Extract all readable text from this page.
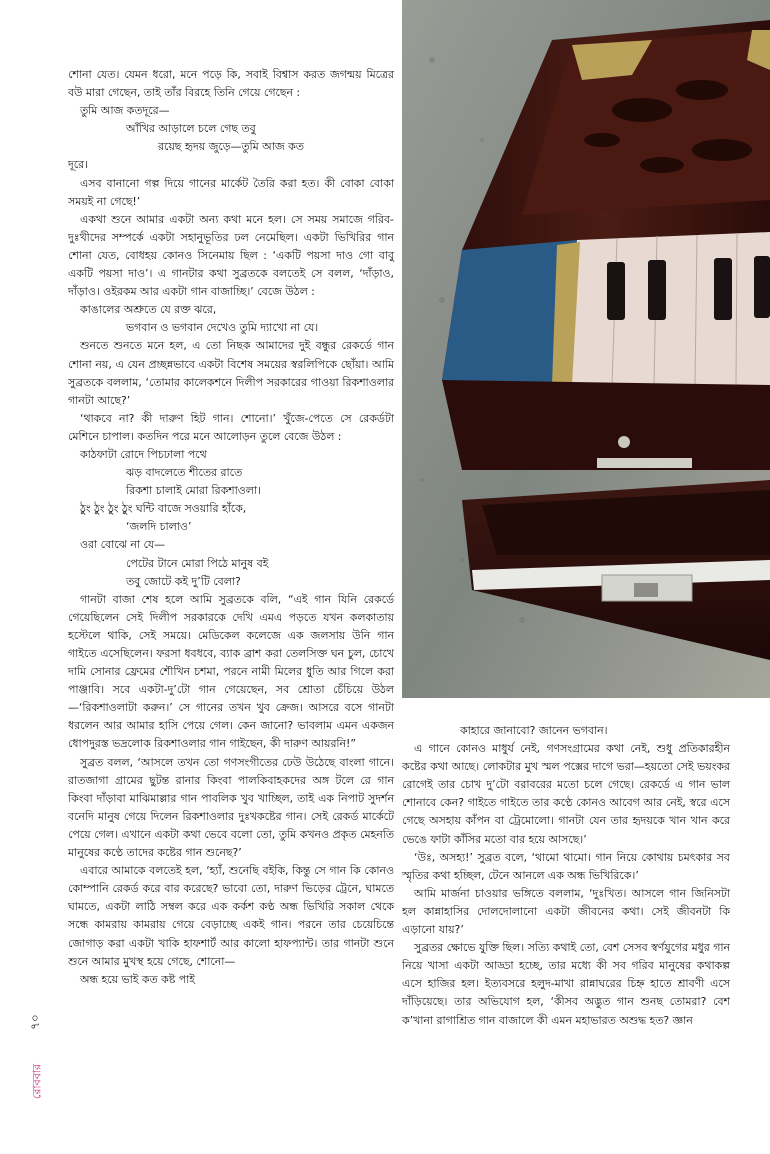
শোনা যেত। যেমন ধরো, মনে পড়ে কি, সবাই বিশ্বাস করত জগন্ময় মিত্রের বউ মারা গেছেন, তাই তাঁর বিরহে তিনি গেয়ে গেছেন :

তুমি আজ কতদূরে—

আঁখির আড়ালে চলে গেছ তবু

রয়েছ হৃদয় জুড়ে—তুমি আজ কত

দূরে।

এসব বানানো গল্প দিয়ে গানের মার্কেট তৈরি করা হত। কী বোকা বোকা সময়ই না গেছে!’

একথা শুনে আমার একটা অন্য কথা মনে হল। সে সময় সমাজে গরিব-দুঃখীদের সম্পর্কে একটা সহানুভূতির ঢল নেমেছিল। একটা ভিখিরির গান শোনা যেত, বোধহয় কোনও সিনেমায় ছিল : ‘একটি পয়সা দাও গো বাবু একটি পয়সা দাও’। এ গানটার কথা সুব্রতকে বলতেই সে বলল, ‘দাঁড়াও, দাঁড়াও। ওইরকম আর একটা গান বাজাচ্ছি।’ বেজে উঠল :

কাঙালের অশ্রুতে যে রক্ত ঝরে,

ভগবান ও ভগবান দেখেও তুমি দ্যাখো না যে।

শুনতে শুনতে মনে হল, এ তো নিছক আমাদের দুই বন্ধুর রেকর্ডে গান শোনা নয়, এ যেন প্রচ্ছন্নভাবে একটা বিশেষ সময়ের স্বরলিপিকে ছোঁয়া। আমি সুব্রতকে বললাম, ‘তোমার কালেকশনে দিলীপ সরকারের গাওয়া রিকশাওলার গানটা আছে?’

‘থাকবে না? কী দারুণ হিট গান। শোনো।’ খুঁজে-পেতে সে রেকর্ডটা মেশিনে চাপাল। কতদিন পরে মনে আলোড়ন তুলে বেজে উঠল :

কাঠফাটা রোদে পিচঢালা পথে

ঝড় বাদলেতে শীতের রাতে

রিকশা চালাই মোরা রিকশাওলা।

ঠুং ঠুং ঠুং ঠুং ঘন্টি বাজে সওয়ারি হাঁকে,

‘জলদি চালাও’

ওরা বোঝে না যে—

পেটের টানে মোরা পিঠে মানুষ বই

তবু জোটে কই দু’টি বেলা?

গানটা বাজা শেষ হলে আমি সুব্রতকে বলি, “এই গান যিনি রেকর্ডে গেয়েছিলেন সেই দিলীপ সরকারকে দেখি এমএ পড়তে যখন কলকাতায় হস্টেলে থাকি, সেই সময়ে। মেডিকেল কলেজে এক জলসায় উনি গান গাইতে এসেছিলেন। ফরসা ধবধবে, ব্যাক ব্রাশ করা তেলসিক্ত ঘন চুল, চোখে দামি সোনার ফ্রেমের শৌখিন চশমা, পরনে নামী মিলের ধুতি আর গিলে করা পাঞ্জাবি। সবে একটা-দু’টো গান গেয়েছেন, সব শ্রোতা চেঁচিয়ে উঠল—‘রিকশাওলাটা করুন।’ সে গানের তখন খুব ক্রেজ। আসরে বসে গানটা ধরলেন আর আমার হাসি পেয়ে গেল। কেন জানো? ভাবলাম এমন একজন ধোপদুরস্ত ভদ্রলোক রিকশাওলার গান গাইছেন, কী দারুণ আয়রনি!”

সুব্রত বলল, ‘আসলে তখন তো গণসংগীতের ঢেউ উঠেছে বাংলা গানে। রাতজাগা গ্রামের ছুটন্ত রানার কিংবা পালকিবাহকদের অঙ্গ টলে রে গান কিংবা দাঁড়াবা মাঝিমাল্লার গান পাবলিক খুব খাচ্ছিল, তাই এক নিপাট সুদর্শন বনেদি মানুষ গেয়ে দিলেন রিকশাওলার দুঃখকষ্টের গান। সেই রেকর্ড মার্কেটে পেয়ে গেল। এখানে একটা কথা ভেবে বলো তো, তুমি কখনও প্রকৃত মেহনতি মানুষের কণ্ঠে তাদের কষ্টের গান শুনেছ?’

এবারে আমাকে বলতেই হল, ‘হ্যাঁ, শুনেছি বইকি, কিন্তু সে গান কি কোনও কোম্পানি রেকর্ড করে বার করেছে? ভাবো তো, দারুণ ভিড়ের ট্রেনে, ঘামতে ঘামতে, একটা লাঠি সম্বল করে এক কর্কশ কণ্ঠ অন্ধ ভিখিরি সকাল থেকে সন্ধে কামরায় কামরায় গেয়ে বেড়াচ্ছে একই গান। পরনে তার চেয়েচিন্তে জোগাড় করা একটা খাকি হাফশার্ট আর কালো হাফপ্যান্ট। তার গানটা শুনে শুনে আমার মুখস্থ হয়ে গেছে, শোনো—

অন্ধ হয়ে ভাই কত কষ্ট পাই

কাহারে জানাবো? জানেন ভগবান।

এ গানে কোনও মাধুর্য নেই, গণসংগ্রামের কথা নেই, শুধু প্রতিকারহীন কষ্টের কথা আছে। লোকটার মুখ স্মল পক্সের দাগে ভরা—হয়তো সেই ভয়ংকর রোগেই তার চোখ দু’টো বরাবরের মতো চলে গেছে। রেকর্ডে এ গান ভাল শোনাবে কেন? গাইতে গাইতে তার কণ্ঠে কোনও আবেগ আর নেই, স্বরে এসে গেছে অসহায় কাঁপন বা ট্রেমোলো। গানটা যেন তার হৃদয়কে খান খান করে ভেঙে ফাটা কাঁসির মতো বার হয়ে আসছে।’

‘উঃ, অসহ্য!’ সুব্রত বলে, ‘থামো থামো। গান নিয়ে কোথায় চমৎকার সব স্মৃতির কথা হচ্ছিল, টেনে আনলে এক অন্ধ ভিখিরিকে।’

আমি মার্জনা চাওয়ার ভঙ্গিতে বললাম, ‘দুঃখিত। আসলে গান জিনিসটা হল কান্নাহাসির দোলদোলানো একটা জীবনের কথা। সেই জীবনটা কি এড়ানো যায়?’

সুব্রতর ক্ষোভে যুক্তি ছিল। সত্যি কথাই তো, বেশ সেসব স্বর্ণযুগের মধুর গান নিয়ে খাসা একটা আড্ডা হচ্ছে, তার মধ্যে কী সব গরিব মানুষের কথাকল্প এসে হাজির হল। ইত্যবসরে হলুদ-মাখা রান্নাঘরের চিহ্ন হাতে শ্রাবণী এসে দাঁড়িয়েছে। তার অভিযোগ হল, ‘কীসব অদ্ভুত গান শুনছ তোমরা? বেশ ক’খানা রাগাশ্রিত গান বাজালে কী এমন মহাভারত অশুদ্ধ হত? জ্ঞান

৭০
রোববার
